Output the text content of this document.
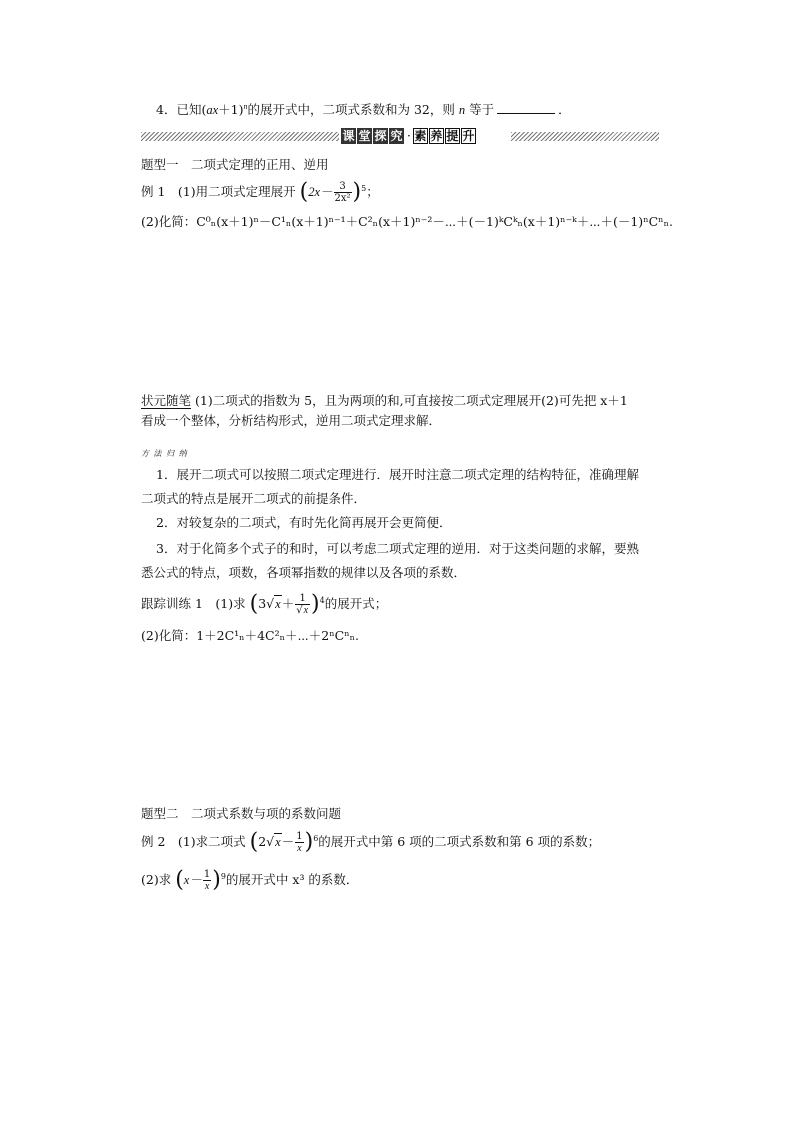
4．已知$(ax+1)^n$的展开式中，二项式系数和为 32，则 n 等于	．
课 堂 探 究 · 素 养 提 升
题型一　二项式定理的正用、逆用
例 1　(1)用二项式定理展开 $(2x- \frac{3}{\text{2x²}} )^5$；
(2)化简：C⁰ₙ(x＋1)ⁿ－C¹ₙ(x＋1)ⁿ⁻¹＋C²ₙ(x＋1)ⁿ⁻²－⋯＋(－1)ᵏCᵏₙ(x＋1)ⁿ⁻ᵏ＋⋯＋(－1)ⁿCⁿₙ.
状元随笔 (1)二项式的指数为 5，且为两项的和,可直接按二项式定理展开(2)可先把 x＋1
看成一个整体，分析结构形式，逆用二项式定理求解．
方 法 归 纳
1．展开二项式可以按照二项式定理进行．展开时注意二项式定理的结构特征，准确理解
二项式的特点是展开二项式的前提条件．
2．对较复杂的二项式，有时先化简再展开会更简便．
3．对于化简多个式子的和时，可以考虑二项式定理的逆用．对于这类问题的求解，要熟
悉公式的特点，项数，各项幂指数的规律以及各项的系数．
跟踪训练 1　(1)求 $(3√x+ \frac{1}{√x} )^4$的展开式；
(2)化简：1＋2C¹ₙ＋4C²ₙ＋⋯＋2ⁿCⁿₙ.
题型二　二项式系数与项的系数问题
例 2　(1)求二项式 $(2√x- \frac{1}{x} )^6$的展开式中第 6 项的二项式系数和第 6 项的系数；
(2)求 $(x- \frac{1}{x} )^9$的展开式中 x³ 的系数．
